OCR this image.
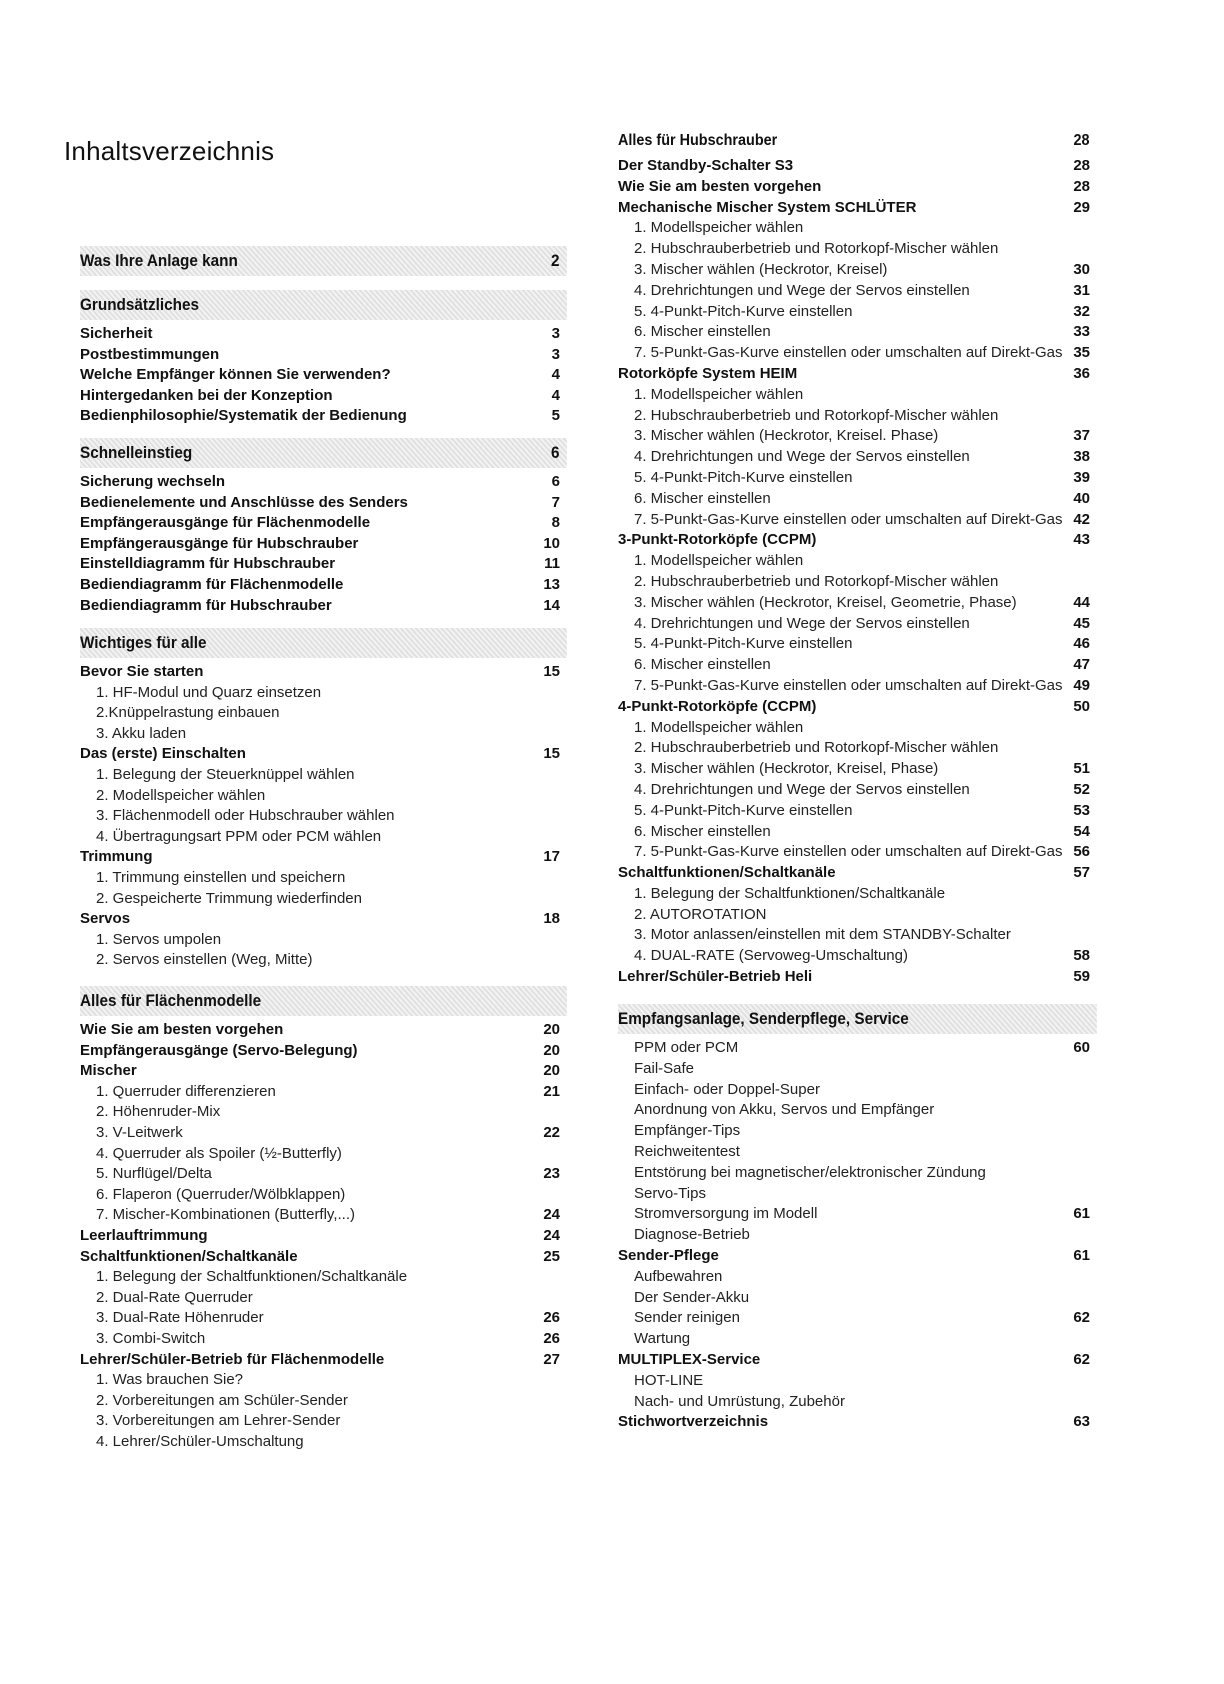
Inhaltsverzeichnis
Was Ihre Anlage kann	2
Grundsätzliches
Sicherheit	3
Postbestimmungen	3
Welche Empfänger können Sie verwenden?	4
Hintergedanken bei der Konzeption	4
Bedienphilosophie/Systematik der Bedienung	5
Schnelleinstieg	6
Sicherung wechseln	6
Bedienelemente und Anschlüsse des Senders	7
Empfängerausgänge für Flächenmodelle	8
Empfängerausgänge für Hubschrauber	10
Einstelldiagramm für Hubschrauber	11
Bediendiagramm für Flächenmodelle	13
Bediendiagramm für Hubschrauber	14
Wichtiges für alle
Bevor Sie starten	15
1. HF-Modul und Quarz einsetzen
2.Knüppelrastung einbauen
3. Akku laden
Das (erste) Einschalten	15
1. Belegung der Steuerknüppel wählen
2. Modellspeicher wählen
3. Flächenmodell oder Hubschrauber wählen
4. Übertragungsart PPM oder PCM wählen
Trimmung	17
1. Trimmung einstellen und speichern
2. Gespeicherte Trimmung wiederfinden
Servos	18
1. Servos umpolen
2. Servos einstellen (Weg, Mitte)
Alles für Flächenmodelle
Wie Sie am besten vorgehen	20
Empfängerausgänge (Servo-Belegung)	20
Mischer	20
1. Querruder differenzieren	21
2. Höhenruder-Mix
3. V-Leitwerk	22
4. Querruder als Spoiler (½-Butterfly)
5. Nurflügel/Delta	23
6. Flaperon (Querruder/Wölbklappen)
7. Mischer-Kombinationen (Butterfly,...)	24
Leerlauftrimmung	24
Schaltfunktionen/Schaltkanäle	25
1. Belegung der Schaltfunktionen/Schaltkanäle
2. Dual-Rate Querruder
3. Dual-Rate Höhenruder	26
3. Combi-Switch	26
Lehrer/Schüler-Betrieb für Flächenmodelle	27
1. Was brauchen Sie?
2. Vorbereitungen am Schüler-Sender
3. Vorbereitungen am Lehrer-Sender
4. Lehrer/Schüler-Umschaltung
Alles für Hubschrauber	28
Der Standby-Schalter S3	28
Wie Sie am besten vorgehen	28
Mechanische Mischer System SCHLÜTER	29
1. Modellspeicher wählen
2. Hubschrauberbetrieb und Rotorkopf-Mischer wählen
3. Mischer wählen (Heckrotor, Kreisel)	30
4. Drehrichtungen und Wege der Servos einstellen	31
5. 4-Punkt-Pitch-Kurve einstellen	32
6. Mischer einstellen	33
7. 5-Punkt-Gas-Kurve einstellen oder umschalten auf Direkt-Gas 35
Rotorköpfe System HEIM	36
1. Modellspeicher wählen
2. Hubschrauberbetrieb und Rotorkopf-Mischer wählen
3. Mischer wählen (Heckrotor, Kreisel. Phase)	37
4. Drehrichtungen und Wege der Servos einstellen	38
5. 4-Punkt-Pitch-Kurve einstellen	39
6. Mischer einstellen	40
7. 5-Punkt-Gas-Kurve einstellen oder umschalten auf Direkt-Gas 42
3-Punkt-Rotorköpfe (CCPM)	43
1. Modellspeicher wählen
2. Hubschrauberbetrieb und Rotorkopf-Mischer wählen
3. Mischer wählen (Heckrotor, Kreisel, Geometrie, Phase)	44
4. Drehrichtungen und Wege der Servos einstellen	45
5. 4-Punkt-Pitch-Kurve einstellen	46
6. Mischer einstellen	47
7. 5-Punkt-Gas-Kurve einstellen oder umschalten auf Direkt-Gas 49
4-Punkt-Rotorköpfe (CCPM)	50
1. Modellspeicher wählen
2. Hubschrauberbetrieb und Rotorkopf-Mischer wählen
3. Mischer wählen (Heckrotor, Kreisel, Phase)	51
4. Drehrichtungen und Wege der Servos einstellen	52
5. 4-Punkt-Pitch-Kurve einstellen	53
6. Mischer einstellen	54
7. 5-Punkt-Gas-Kurve einstellen oder umschalten auf Direkt-Gas 56
Schaltfunktionen/Schaltkanäle	57
1. Belegung der Schaltfunktionen/Schaltkanäle
2. AUTOROTATION
3. Motor anlassen/einstellen mit dem STANDBY-Schalter
4. DUAL-RATE (Servoweg-Umschaltung)	58
Lehrer/Schüler-Betrieb Heli	59
Empfangsanlage, Senderpflege, Service
PPM oder PCM	60
Fail-Safe
Einfach- oder Doppel-Super
Anordnung von Akku, Servos und Empfänger
Empfänger-Tips
Reichweitentest
Entstörung bei magnetischer/elektronischer Zündung
Servo-Tips
Stromversorgung im Modell	61
Diagnose-Betrieb
Sender-Pflege	61
Aufbewahren
Der Sender-Akku
Sender reinigen	62
Wartung
MULTIPLEX-Service	62
HOT-LINE
Nach- und Umrüstung, Zubehör
Stichwortverzeichnis	63
